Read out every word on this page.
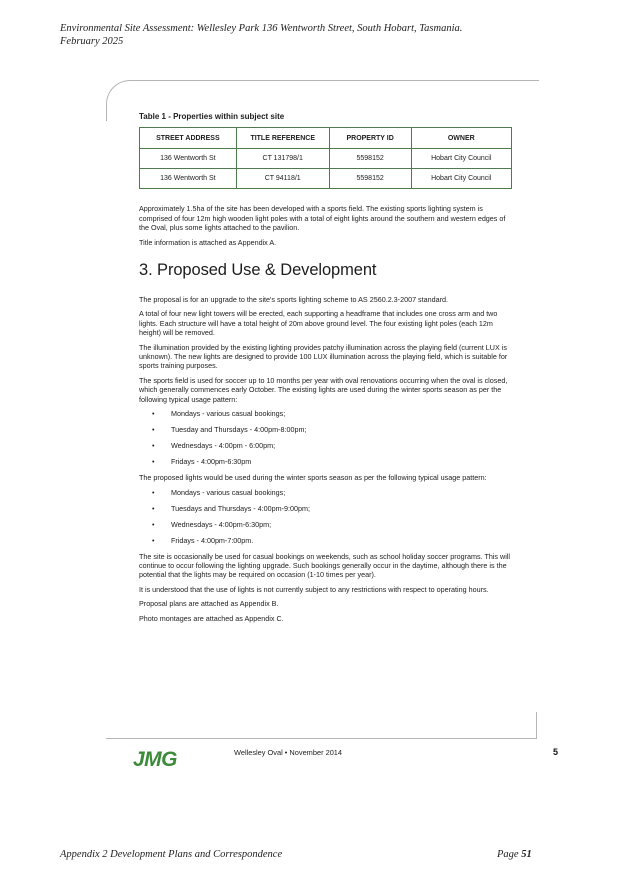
Environmental Site Assessment: Wellesley Park 136 Wentworth Street, South Hobart, Tasmania.
February 2025
Table 1 - Properties within subject site
STREET ADDRESS	TITLE REFERENCE	PROPERTY ID	OWNER
136 Wentworth St	CT 131798/1	5598152	Hobart City Council
136 Wentworth St	CT 94118/1	5598152	Hobart City Council

Approximately 1.5ha of the site has been developed with a sports field. The existing sports lighting system is comprised of four 12m high wooden light poles with a total of eight lights around the southern and western edges of the Oval, plus some lights attached to the pavilion.

Title information is attached as Appendix A.

3. Proposed Use & Development

The proposal is for an upgrade to the site's sports lighting scheme to AS 2560.2.3-2007 standard.

A total of four new light towers will be erected, each supporting a headframe that includes one cross arm and two lights. Each structure will have a total height of 20m above ground level. The four existing light poles (each 12m height) will be removed.

The illumination provided by the existing lighting provides patchy illumination across the playing field (current LUX is unknown). The new lights are designed to provide 100 LUX illumination across the playing field, which is suitable for sports training purposes.

The sports field is used for soccer up to 10 months per year with oval renovations occurring when the oval is closed, which generally commences early October. The existing lights are used during the winter sports season as per the following typical usage pattern:

• Mondays - various casual bookings;
• Tuesday and Thursdays - 4:00pm-8:00pm;
• Wednesdays - 4:00pm - 6:00pm;
• Fridays - 4:00pm-6:30pm

The proposed lights would be used during the winter sports season as per the following typical usage pattern:

• Mondays - various casual bookings;
• Tuesdays and Thursdays - 4:00pm-9:00pm;
• Wednesdays - 4:00pm-6:30pm;
• Fridays - 4:00pm-7:00pm.

The site is occasionally be used for casual bookings on weekends, such as school holiday soccer programs. This will continue to occur following the lighting upgrade. Such bookings generally occur in the daytime, although there is the potential that the lights may be required on occasion (1-10 times per year).

It is understood that the use of lights is not currently subject to any restrictions with respect to operating hours.

Proposal plans are attached as Appendix B.

Photo montages are attached as Appendix C.

JMG	Wellesley Oval • November 2014	5
Appendix 2 Development Plans and Correspondence	Page 51
